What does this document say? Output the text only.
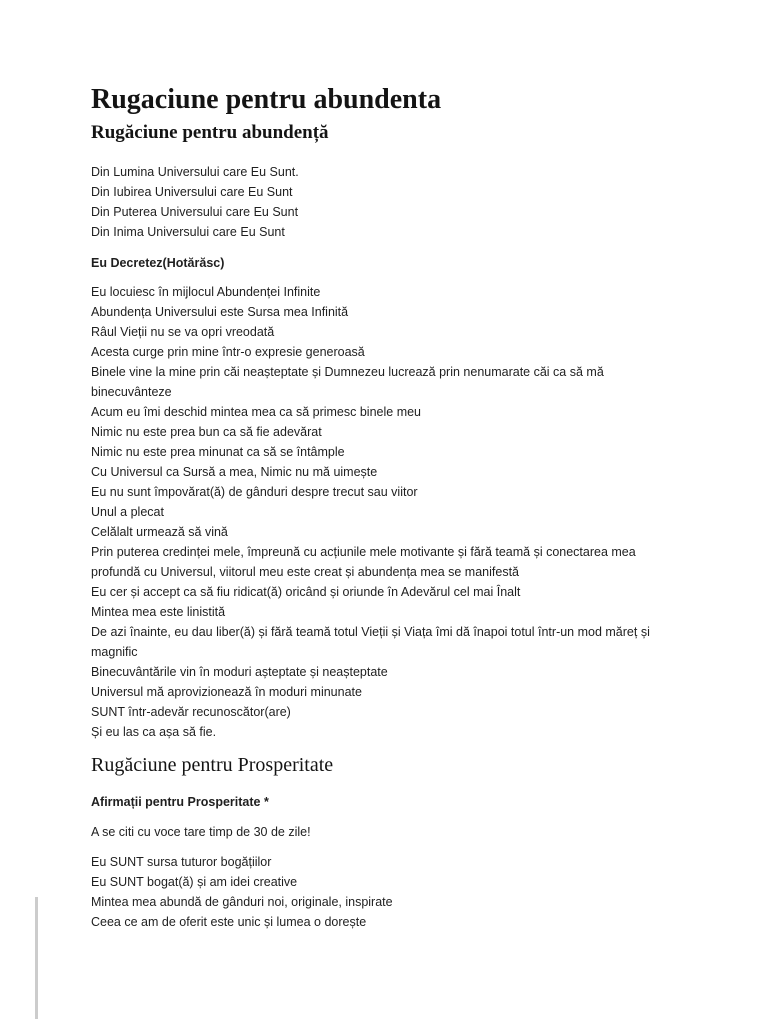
Rugaciune pentru abundenta
Rugăciune pentru abundență
Din Lumina Universului care Eu Sunt.
Din Iubirea Universului care Eu Sunt
Din Puterea Universului care Eu Sunt
Din Inima Universului care Eu Sunt
Eu Decretez(Hotărăsc)
Eu locuiesc în mijlocul Abundenței Infinite
Abundența Universului este Sursa mea Infinită
Râul Vieții nu se va opri vreodată
Acesta curge prin mine într-o expresie generoasă
Binele vine la mine prin căi neașteptate și Dumnezeu lucrează prin nenumarate căi ca să mă binecuvânteze
Acum eu îmi deschid mintea mea ca să primesc binele meu
Nimic nu este prea bun ca să fie adevărat
Nimic nu este prea minunat ca să se întâmple
Cu Universul ca Sursă a mea, Nimic nu mă uimește
Eu nu sunt împovărat(ă) de gânduri despre trecut sau viitor
Unul a plecat
Celălalt urmează să vină
Prin puterea credinței mele, împreună cu acțiunile mele motivante și fără teamă și conectarea mea profundă cu Universul, viitorul meu este creat și abundența mea se manifestă
Eu cer și accept ca să fiu ridicat(ă) oricând și oriunde în Adevărul cel mai Înalt
Mintea mea este linistită
De azi înainte, eu dau liber(ă) și fără teamă totul Vieții și Viața îmi dă înapoi totul într-un mod măreț și magnific
Binecuvântările vin în moduri așteptate și neașteptate
Universul mă aprovizionează în moduri minunate
SUNT într-adevăr recunoscător(are)
Și eu las ca așa să fie.
Rugăciune pentru Prosperitate
Afirmații pentru Prosperitate *
A se citi cu voce tare timp de 30 de zile!
Eu SUNT sursa tuturor bogățiilor
Eu SUNT bogat(ă) și am idei creative
Mintea mea abundă de gânduri noi, originale, inspirate
Ceea ce am de oferit este unic și lumea o dorește
